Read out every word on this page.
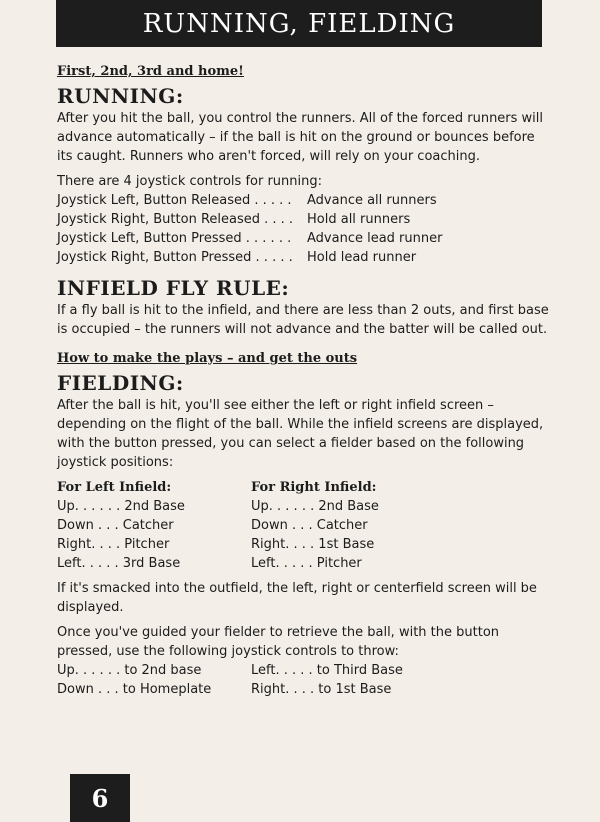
RUNNING, FIELDING

First, 2nd, 3rd and home!

RUNNING:

After you hit the ball, you control the runners. All of the forced runners will advance automatically – if the ball is hit on the ground or bounces before its caught. Runners who aren't forced, will rely on your coaching.

There are 4 joystick controls for running:

Joystick Left, Button Released . . . . .	Advance all runners
Joystick Right, Button Released . . . .	Hold all runners
Joystick Left, Button Pressed . . . . . .	Advance lead runner
Joystick Right, Button Pressed . . . . .	Hold lead runner
INFIELD FLY RULE:

If a fly ball is hit to the infield, and there are less than 2 outs, and first base is occupied – the runners will not advance and the batter will be called out.

How to make the plays – and get the outs

FIELDING:

After the ball is hit, you'll see either the left or right infield screen – depending on the flight of the ball. While the infield screens are displayed, with the button pressed, you can select a fielder based on the following joystick positions:

For Left Infield:
Up. . . . . . 2nd Base
Down . . . Catcher
Right. . . . Pitcher
Left. . . . . 3rd Base
For Right Infield:
Up. . . . . . 2nd Base
Down . . . Catcher
Right. . . . 1st Base
Left. . . . . Pitcher

If it's smacked into the outfield, the left, right or centerfield screen will be displayed.

Once you've guided your fielder to retrieve the ball, with the button pressed, use the following joystick controls to throw:

Up. . . . . . to 2nd base	Left. . . . . to Third Base
Down . . . to Homeplate	Right. . . . to 1st Base
6
